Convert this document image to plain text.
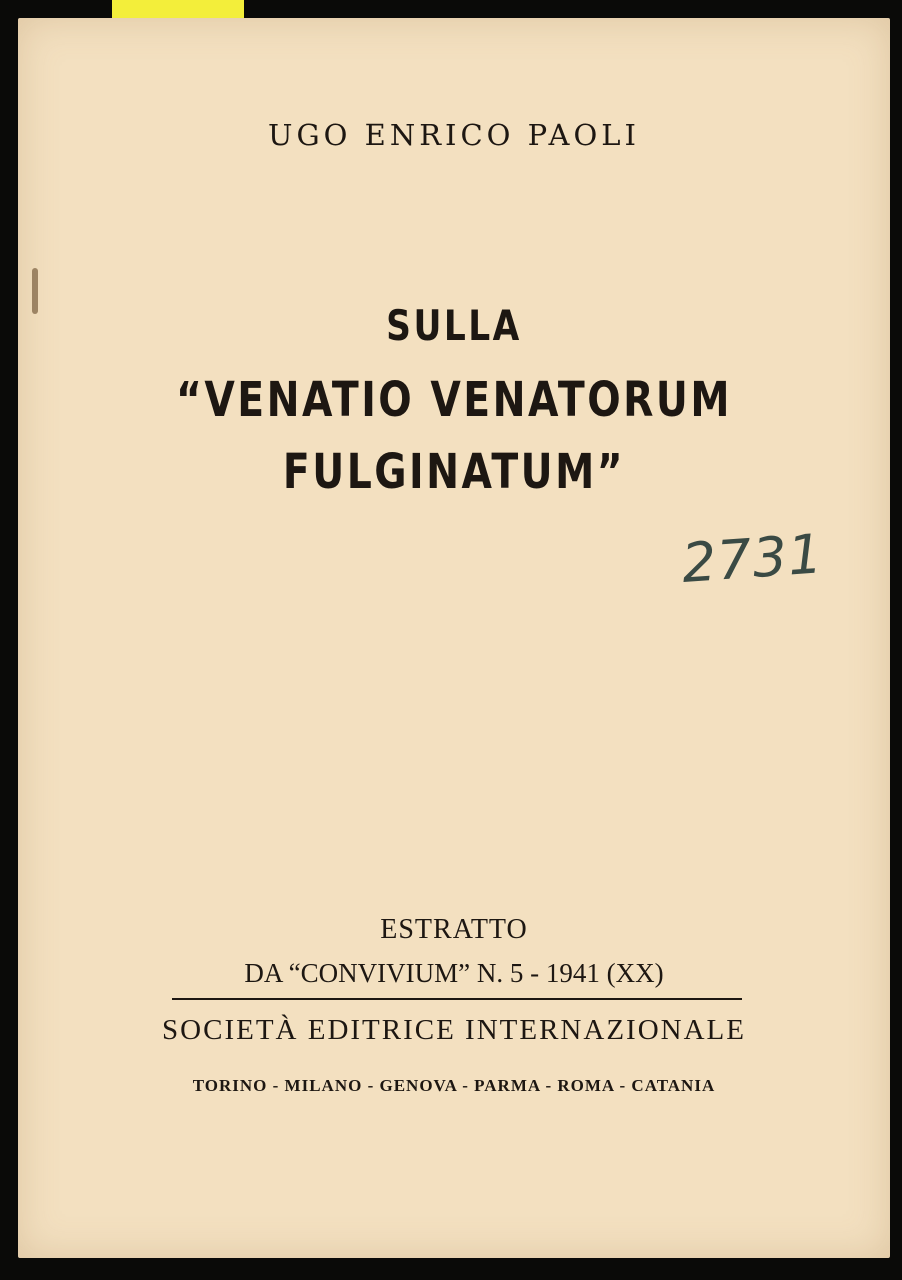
UGO ENRICO PAOLI
SULLA
“VENATIO VENATORUM
FULGINATUM”
2731
ESTRATTO
DA “CONVIVIUM” N. 5 - 1941 (XX)
SOCIETÀ EDITRICE INTERNAZIONALE
TORINO - MILANO - GENOVA - PARMA - ROMA - CATANIA
